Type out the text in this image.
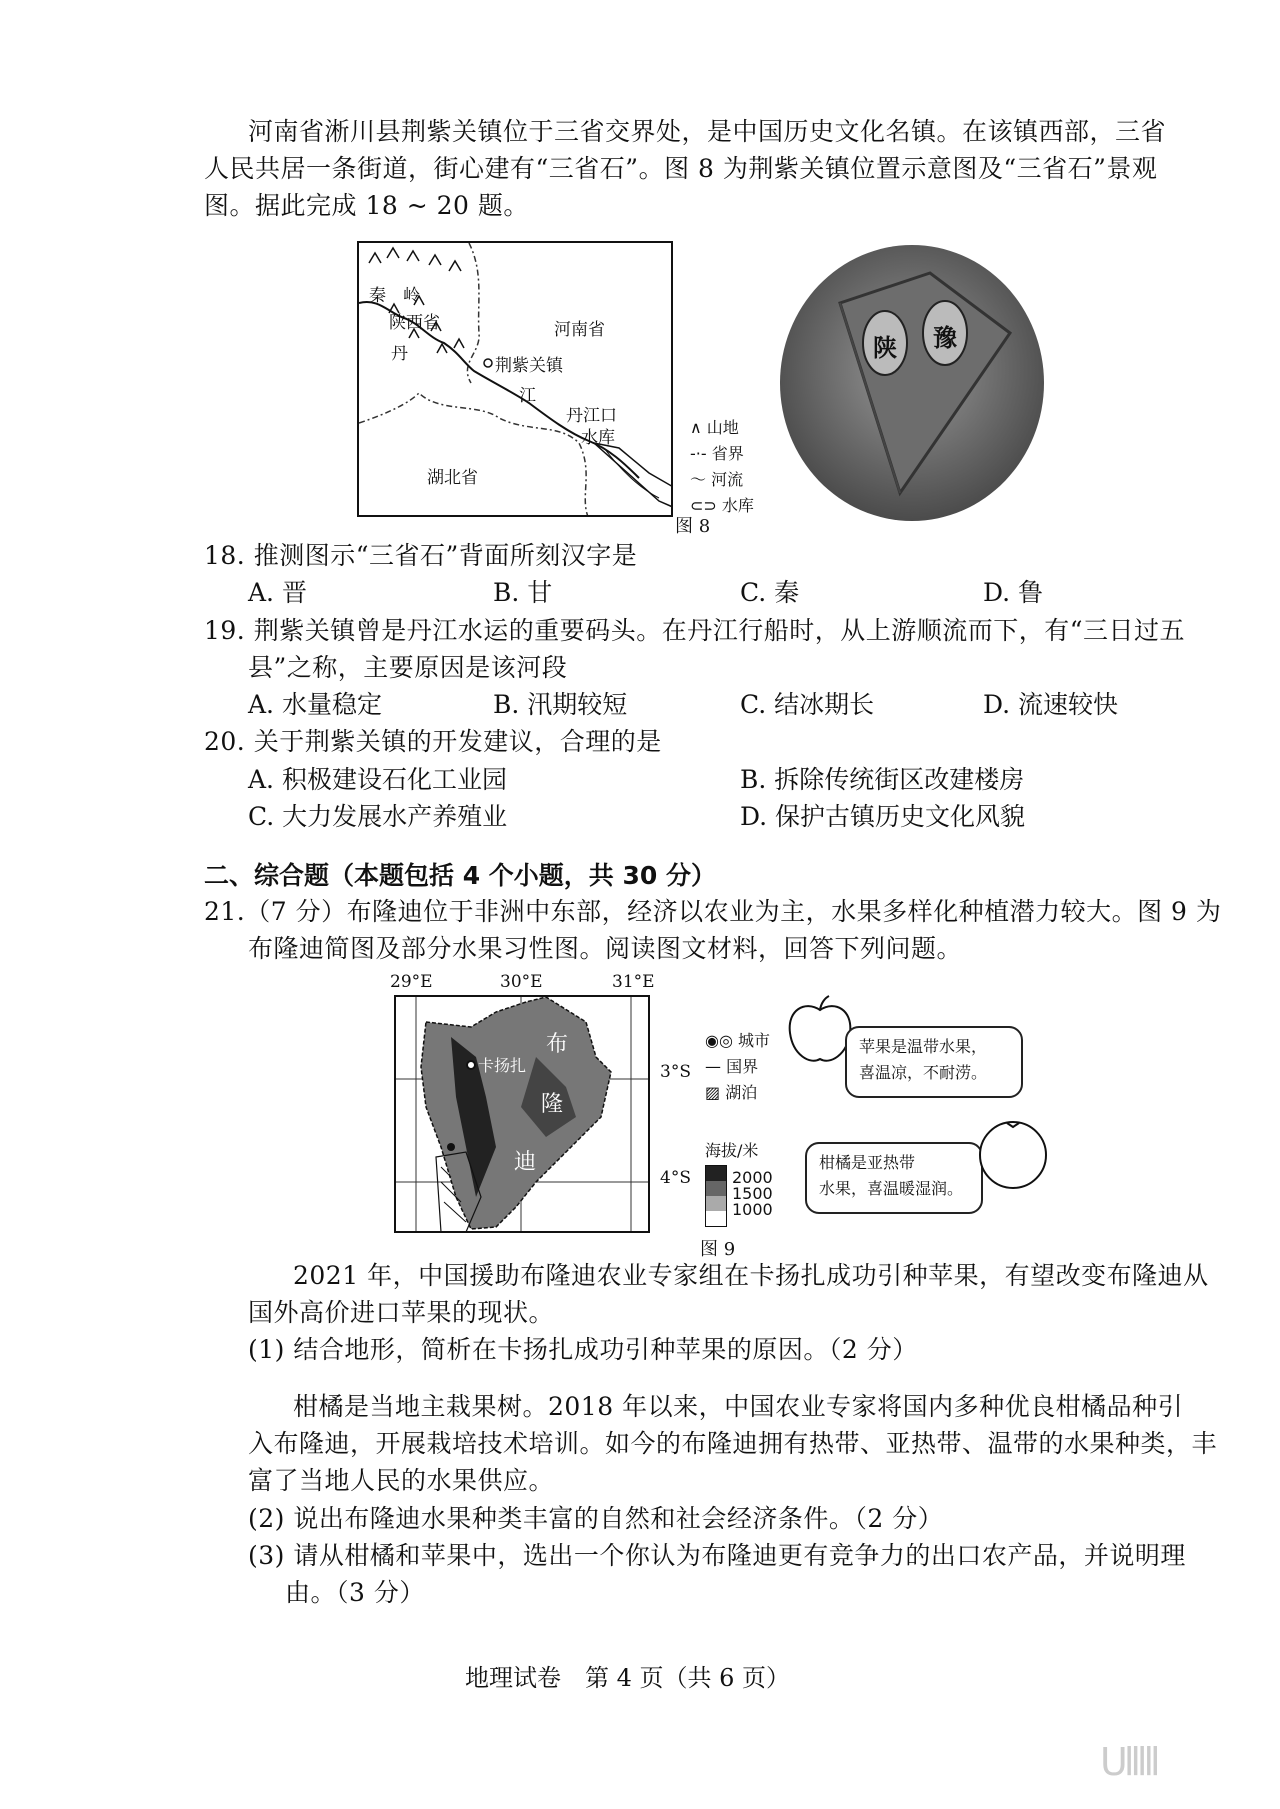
河南省淅川县荆紫关镇位于三省交界处，是中国历史文化名镇。在该镇西部，三省
人民共居一条街道，街心建有“三省石”。图 8 为荆紫关镇位置示意图及“三省石”景观
图。据此完成 18 ~ 20 题。
秦　岭
陕西省	河南省
丹
荆紫关镇
江
丹江口
水库
湖北省
∧ 山地
-·- 省界
～ 河流
⊂⊃ 水库
图 8
陕 豫
18. 推测图示“三省石”背面所刻汉字是
A. 晋	B. 甘	C. 秦	D. 鲁
19. 荆紫关镇曾是丹江水运的重要码头。在丹江行船时，从上游顺流而下，有“三日过五
县”之称，主要原因是该河段
A. 水量稳定	B. 汛期较短	C. 结冰期长	D. 流速较快
20. 关于荆紫关镇的开发建议，合理的是
A. 积极建设石化工业园	B. 拆除传统街区改建楼房
C. 大力发展水产养殖业	D. 保护古镇历史文化风貌
二、综合题（本题包括 4 个小题，共 30 分）
21.（7 分）布隆迪位于非洲中东部，经济以农业为主，水果多样化种植潜力较大。图 9 为
布隆迪简图及部分水果习性图。阅读图文材料，回答下列问题。
29°E	30°E	31°E
卡扬扎
布
隆
迪
3°S
4°S
◉◎ 城市
— 国界
▨ 湖泊
海拔/米
2000
1500
1000
图 9
苹果是温带水果，
喜温凉，不耐涝。
柑橘是亚热带
水果，喜温暖湿润。
2021 年，中国援助布隆迪农业专家组在卡扬扎成功引种苹果，有望改变布隆迪从
国外高价进口苹果的现状。
(1) 结合地形，简析在卡扬扎成功引种苹果的原因。（2 分）
柑橘是当地主栽果树。2018 年以来，中国农业专家将国内多种优良柑橘品种引
入布隆迪，开展栽培技术培训。如今的布隆迪拥有热带、亚热带、温带的水果种类，丰
富了当地人民的水果供应。
(2) 说出布隆迪水果种类丰富的自然和社会经济条件。（2 分）
(3) 请从柑橘和苹果中，选出一个你认为布隆迪更有竞争力的出口农产品，并说明理
由。（3 分）
地理试卷　第 4 页（共 6 页）
Ulllll
